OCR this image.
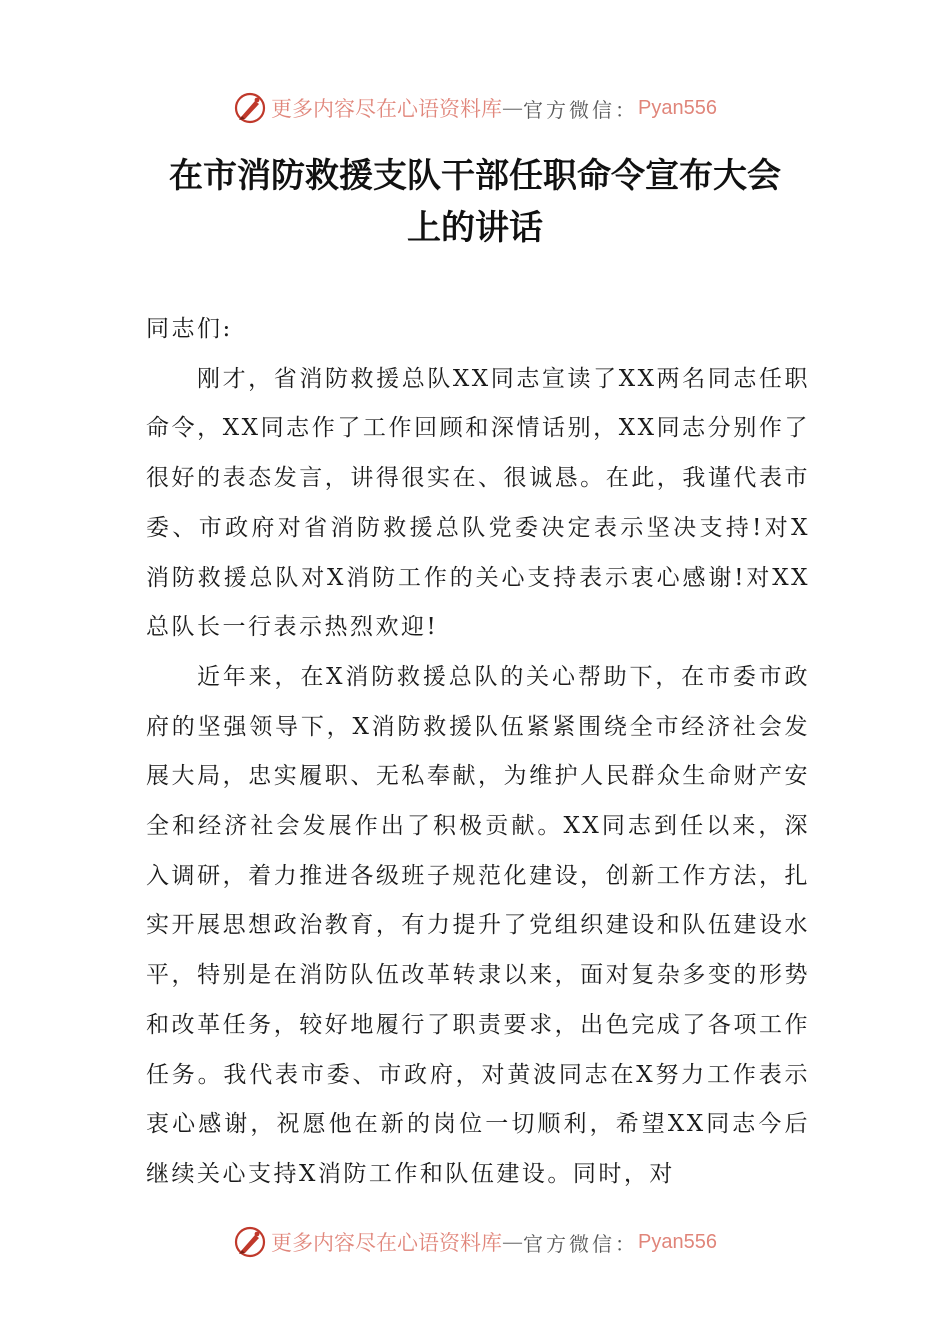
更多内容尽在心语资料库 — 官方微信： Pyan556
在市消防救援支队干部任职命令宣布大会
上的讲话

同志们:

刚才，省消防救援总队XX同志宣读了XX两名同志任职命令，XX同志作了工作回顾和深情话别，XX同志分别作了很好的表态发言，讲得很实在、很诚恳。在此，我谨代表市委、市政府对省消防救援总队党委决定表示坚决支持!对X消防救援总队对X消防工作的关心支持表示衷心感谢!对XX总队长一行表示热烈欢迎!

近年来，在X消防救援总队的关心帮助下，在市委市政府的坚强领导下，X消防救援队伍紧紧围绕全市经济社会发展大局，忠实履职、无私奉献，为维护人民群众生命财产安全和经济社会发展作出了积极贡献。XX同志到任以来，深入调研，着力推进各级班子规范化建设，创新工作方法，扎实开展思想政治教育，有力提升了党组织建设和队伍建设水平，特别是在消防队伍改革转隶以来，面对复杂多变的形势和改革任务，较好地履行了职责要求，出色完成了各项工作任务。我代表市委、市政府，对黄波同志在X努力工作表示衷心感谢，祝愿他在新的岗位一切顺利，希望XX同志今后继续关心支持X消防工作和队伍建设。同时，对

更多内容尽在心语资料库 — 官方微信： Pyan556
